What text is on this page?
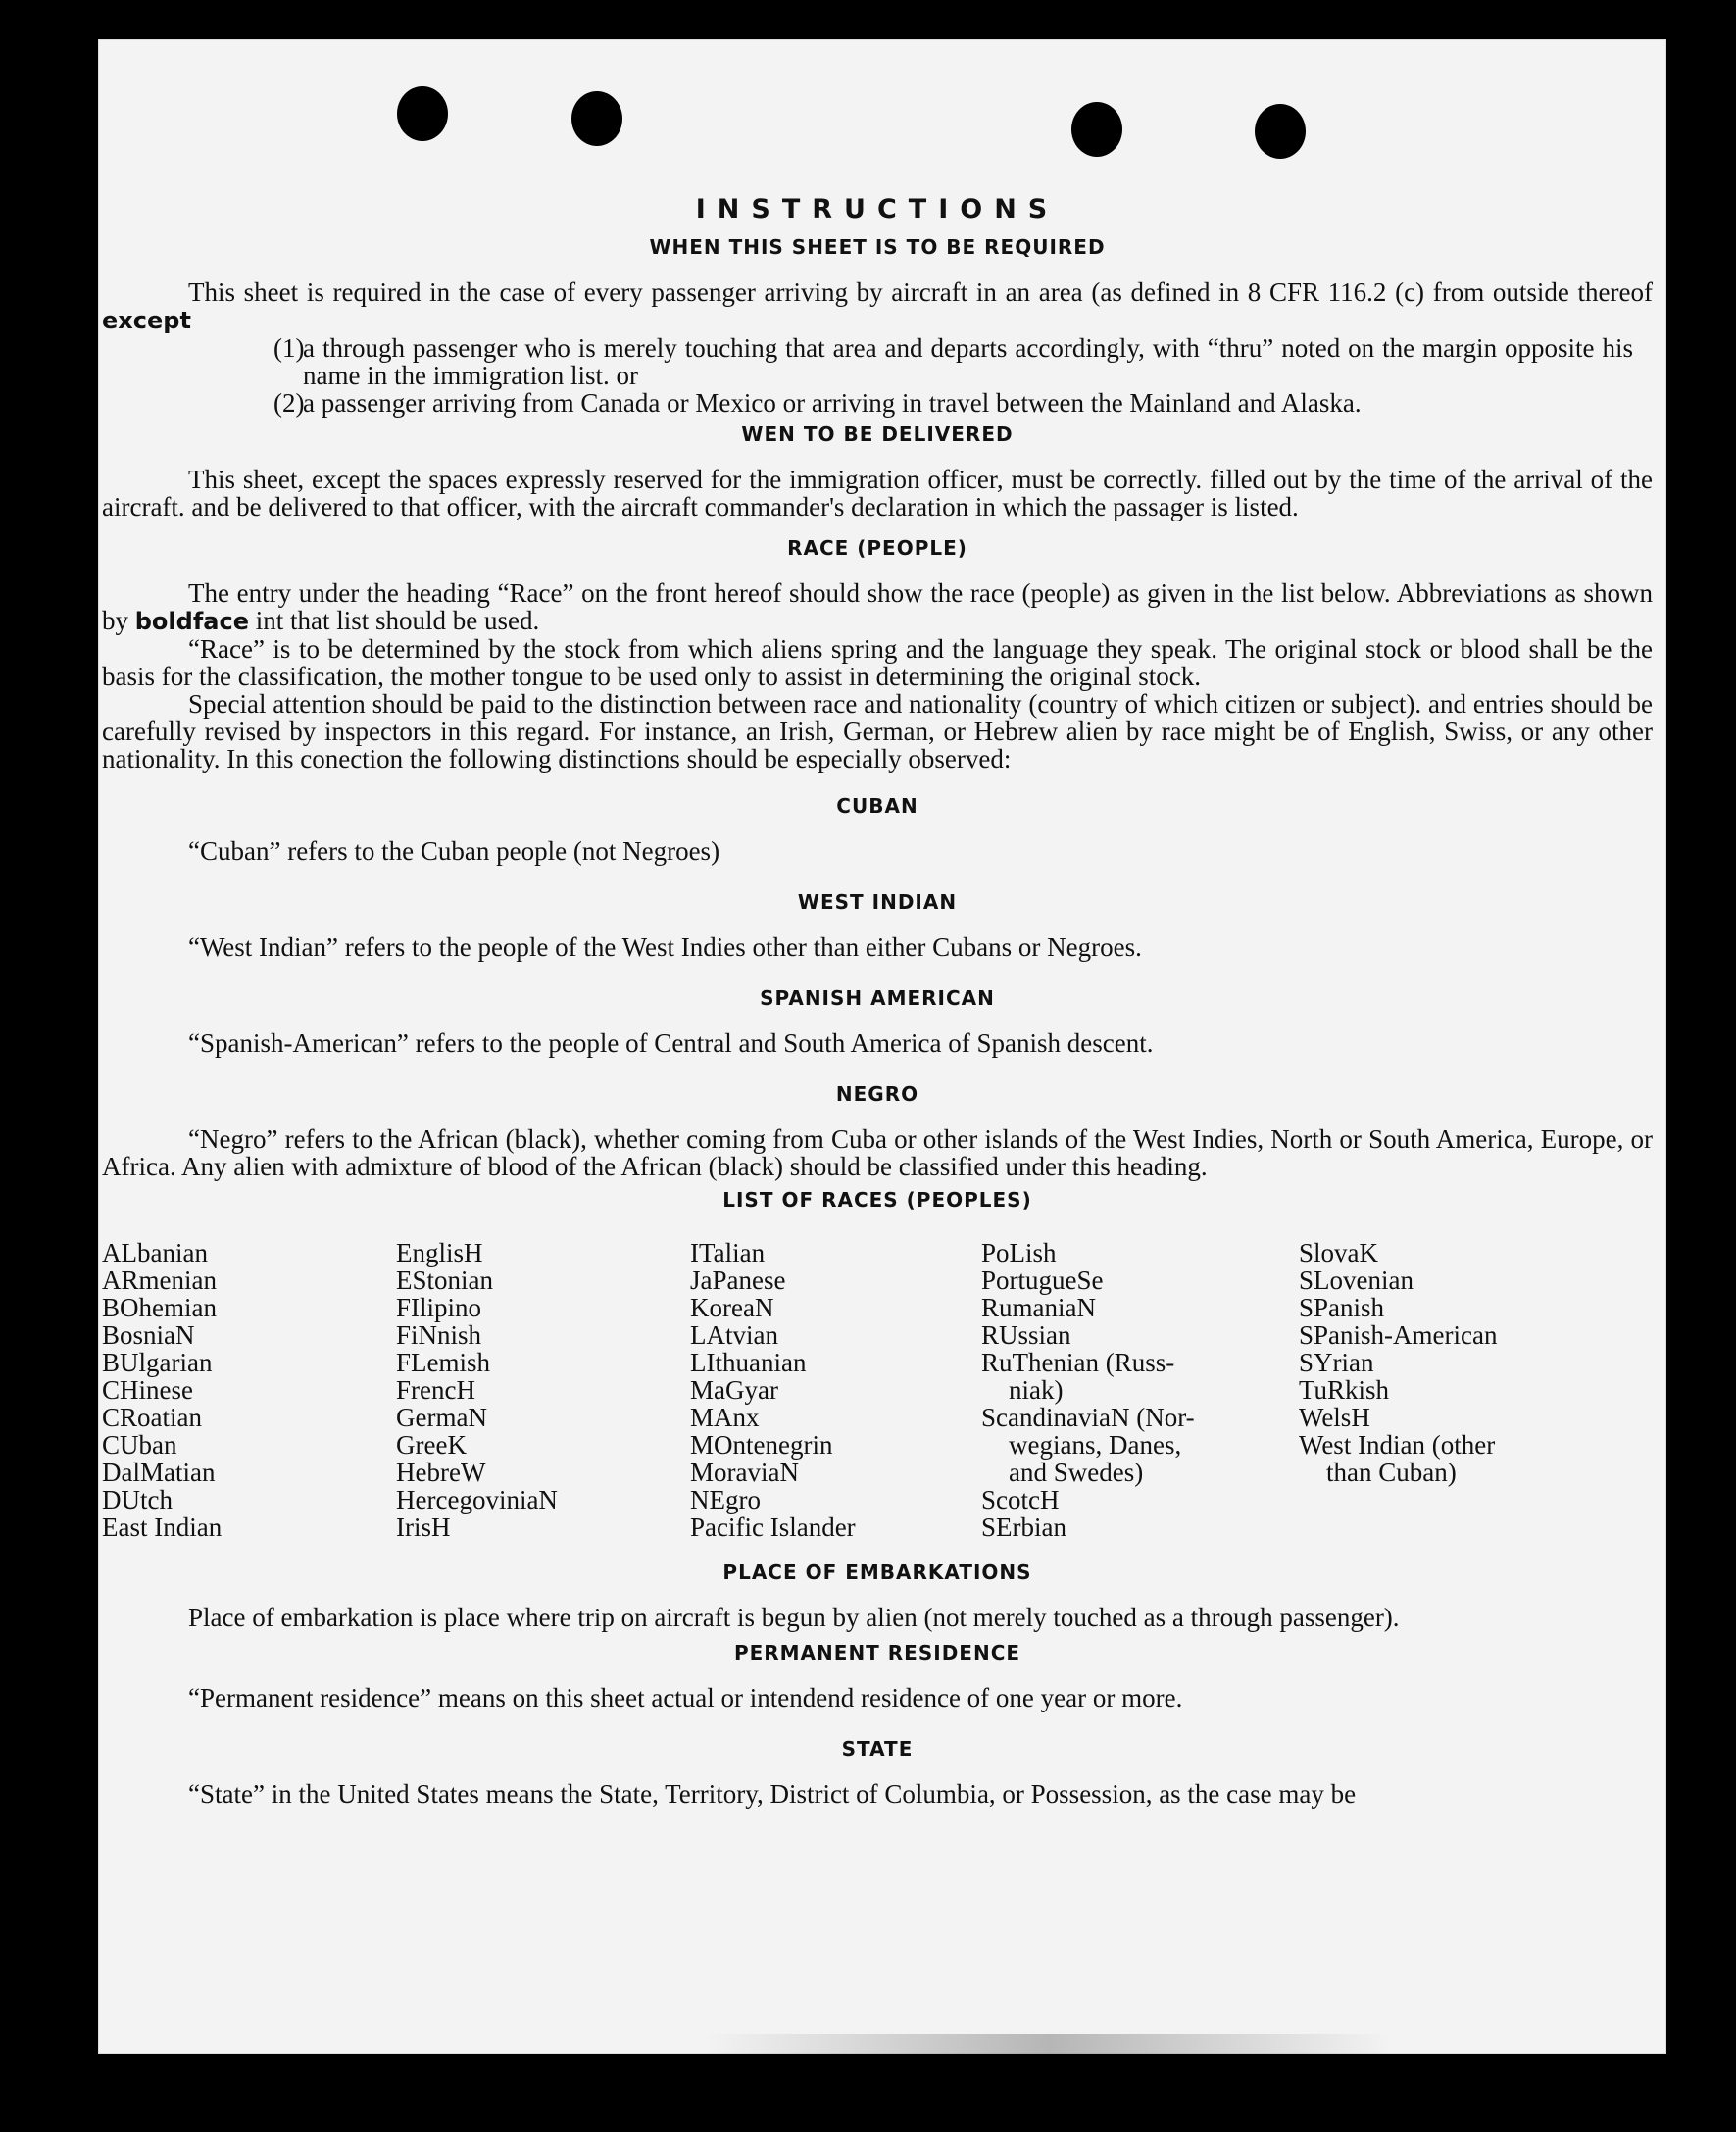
INSTRUCTIONS
WHEN THIS SHEET IS TO BE REQUIRED

This sheet is required in the case of every passenger arriving by aircraft in an area (as defined in 8 CFR 116.2 (c) from outside thereof except

(1)a through passenger who is merely touching that area and departs accordingly, with “thru” noted on the margin opposite his name in the immigration list. or

(2)a passenger arriving from Canada or Mexico or arriving in travel between the Mainland and Alaska.

WEN TO BE DELIVERED

This sheet, except the spaces expressly reserved for the immigration officer, must be correctly. filled out by the time of the arrival of the aircraft. and be delivered to that officer, with the aircraft commander's declaration in which the passager is listed.

RACE (PEOPLE)

The entry under the heading “Race” on the front hereof should show the race (people) as given in the list below. Abbreviations as shown by boldface int that list should be used.

“Race” is to be determined by the stock from which aliens spring and the language they speak. The original stock or blood shall be the basis for the classification, the mother tongue to be used only to assist in determining the original stock.

Special attention should be paid to the distinction between race and nationality (country of which citizen or subject). and entries should be carefully revised by inspectors in this regard. For instance, an Irish, German, or Hebrew alien by race might be of English, Swiss, or any other nationality. In this conection the following distinctions should be especially observed:

CUBAN

“Cuban” refers to the Cuban people (not Negroes)

WEST INDIAN

“West Indian” refers to the people of the West Indies other than either Cubans or Negroes.

SPANISH AMERICAN

“Spanish-American” refers to the people of Central and South America of Spanish descent.

NEGRO

“Negro” refers to the African (black), whether coming from Cuba or other islands of the West Indies, North or South America, Europe, or Africa. Any alien with admixture of blood of the African (black) should be classified under this heading.

LIST OF RACES (PEOPLES)
ALbanian
ARmenian
BOhemian
BosniaN
BUlgarian
CHinese
CRoatian
CUban
DalMatian
DUtch
East Indian
EnglisH
EStonian
FIlipino
FiNnish
FLemish
FrencH
GermaN
GreeK
HebreW
HercegoviniaN
IrisH
ITalian
JaPanese
KoreaN
LAtvian
LIthuanian
MaGyar
MAnx
MOntenegrin
MoraviaN
NEgro
Pacific Islander
PoLish
PortugueSe
RumaniaN
RUssian
RuThenian (Russ-
niak)
ScandinaviaN (Nor-
wegians, Danes,
and Swedes)
ScotcH
SErbian
SlovaK
SLovenian
SPanish
SPanish-American
SYrian
TuRkish
WelsH
West Indian (other
than Cuban)
PLACE OF EMBARKATIONS

Place of embarkation is place where trip on aircraft is begun by alien (not merely touched as a through passenger).

PERMANENT RESIDENCE

“Permanent residence” means on this sheet actual or intendend residence of one year or more.

STATE

“State” in the United States means the State, Territory, District of Columbia, or Possession, as the case may be
